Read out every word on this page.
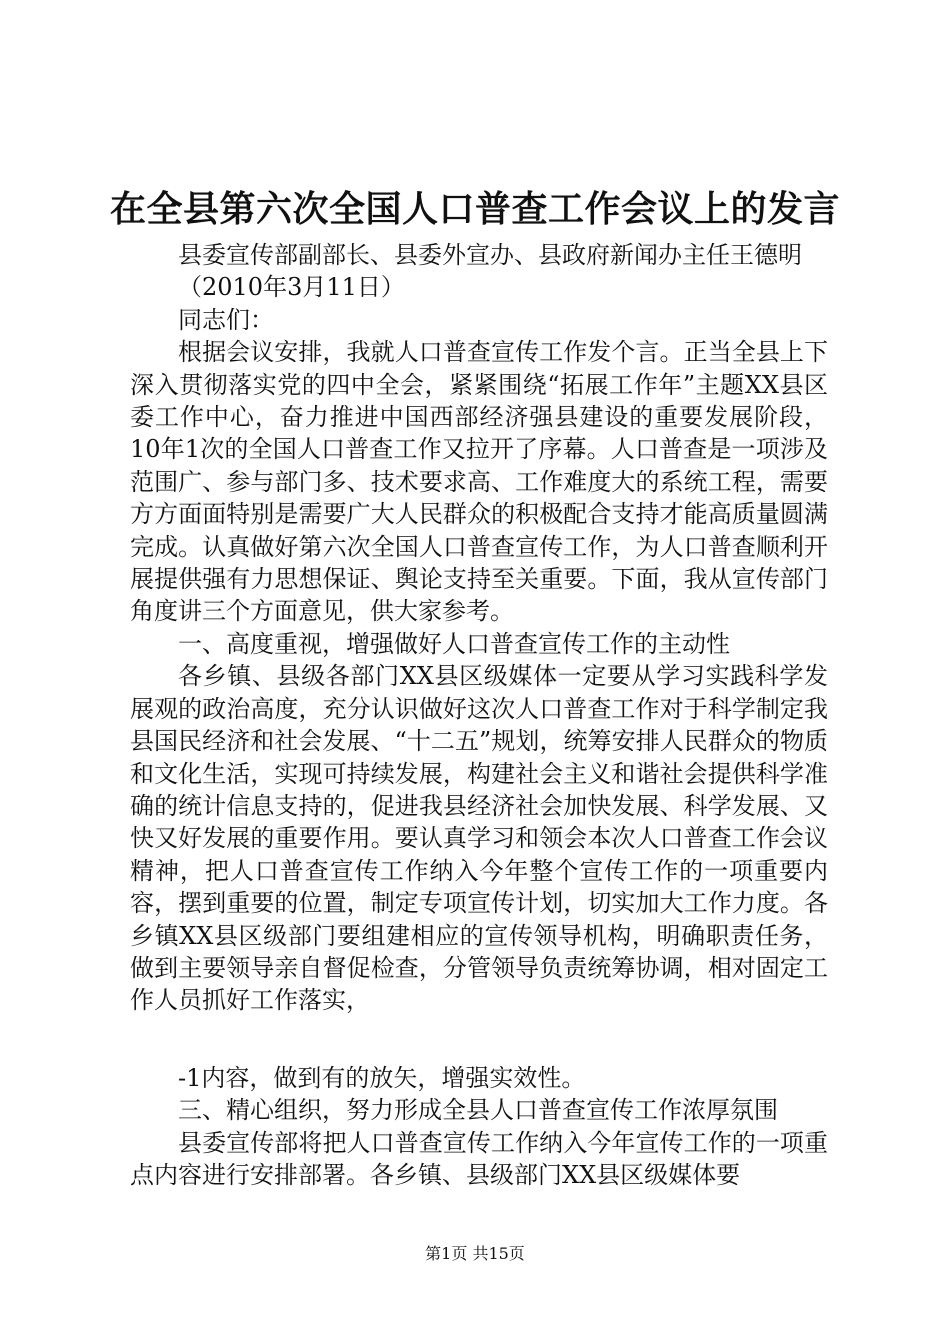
在全县第六次全国人口普查工作会议上的发言

县委宣传部副部长、县委外宣办、县政府新闻办主任王德明

（2010年3月11日）

同志们：

根据会议安排，我就人口普查宣传工作发个言。正当全县上下深入贯彻落实党的四中全会，紧紧围绕“拓展工作年”主题XX县区委工作中心，奋力推进中国西部经济强县建设的重要发展阶段，10年1次的全国人口普查工作又拉开了序幕。人口普查是一项涉及范围广、参与部门多、技术要求高、工作难度大的系统工程，需要方方面面特别是需要广大人民群众的积极配合支持才能高质量圆满完成。认真做好第六次全国人口普查宣传工作，为人口普查顺利开展提供强有力思想保证、舆论支持至关重要。下面，我从宣传部门角度讲三个方面意见，供大家参考。

一、高度重视，增强做好人口普查宣传工作的主动性

各乡镇、县级各部门XX县区级媒体一定要从学习实践科学发展观的政治高度，充分认识做好这次人口普查工作对于科学制定我县国民经济和社会发展、“十二五”规划，统筹安排人民群众的物质和文化生活，实现可持续发展，构建社会主义和谐社会提供科学准确的统计信息支持的，促进我县经济社会加快发展、科学发展、又快又好发展的重要作用。要认真学习和领会本次人口普查工作会议精神，把人口普查宣传工作纳入今年整个宣传工作的一项重要内容，摆到重要的位置，制定专项宣传计划，切实加大工作力度。各乡镇XX县区级部门要组建相应的宣传领导机构，明确职责任务，做到主要领导亲自督促检查，分管领导负责统筹协调，相对固定工作人员抓好工作落实，

-1内容，做到有的放矢，增强实效性。

三、精心组织，努力形成全县人口普查宣传工作浓厚氛围

县委宣传部将把人口普查宣传工作纳入今年宣传工作的一项重点内容进行安排部署。各乡镇、县级部门XX县区级媒体要

第1页 共15页
